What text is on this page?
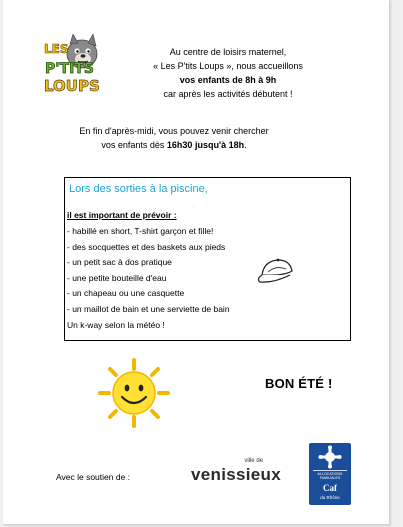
LES
P'TITS
LOUPS
Au centre de loisirs maternel,
« Les P'tits Loups », nous accueillons
vos enfants de 8h à 9h
car après les activités débutent !
En fin d'après-midi, vous pouvez venir chercher
vos enfants dès 16h30 jusqu'à 18h.
Lors des sorties à la piscine,
il est important de prévoir :
- habillé en short, T-shirt garçon et fille!
- des socquettes et des baskets aux pieds
- un petit sac à dos pratique
- une petite bouteille d'eau
- un chapeau ou une casquette
- un maillot de bain et une serviette de bain
Un k-way selon la météo !
BON ÉTÉ !
Avec le soutien de :
ville de
venissieux	ALLOCATIONS
FAMILIALES
Caf
du Rhône
